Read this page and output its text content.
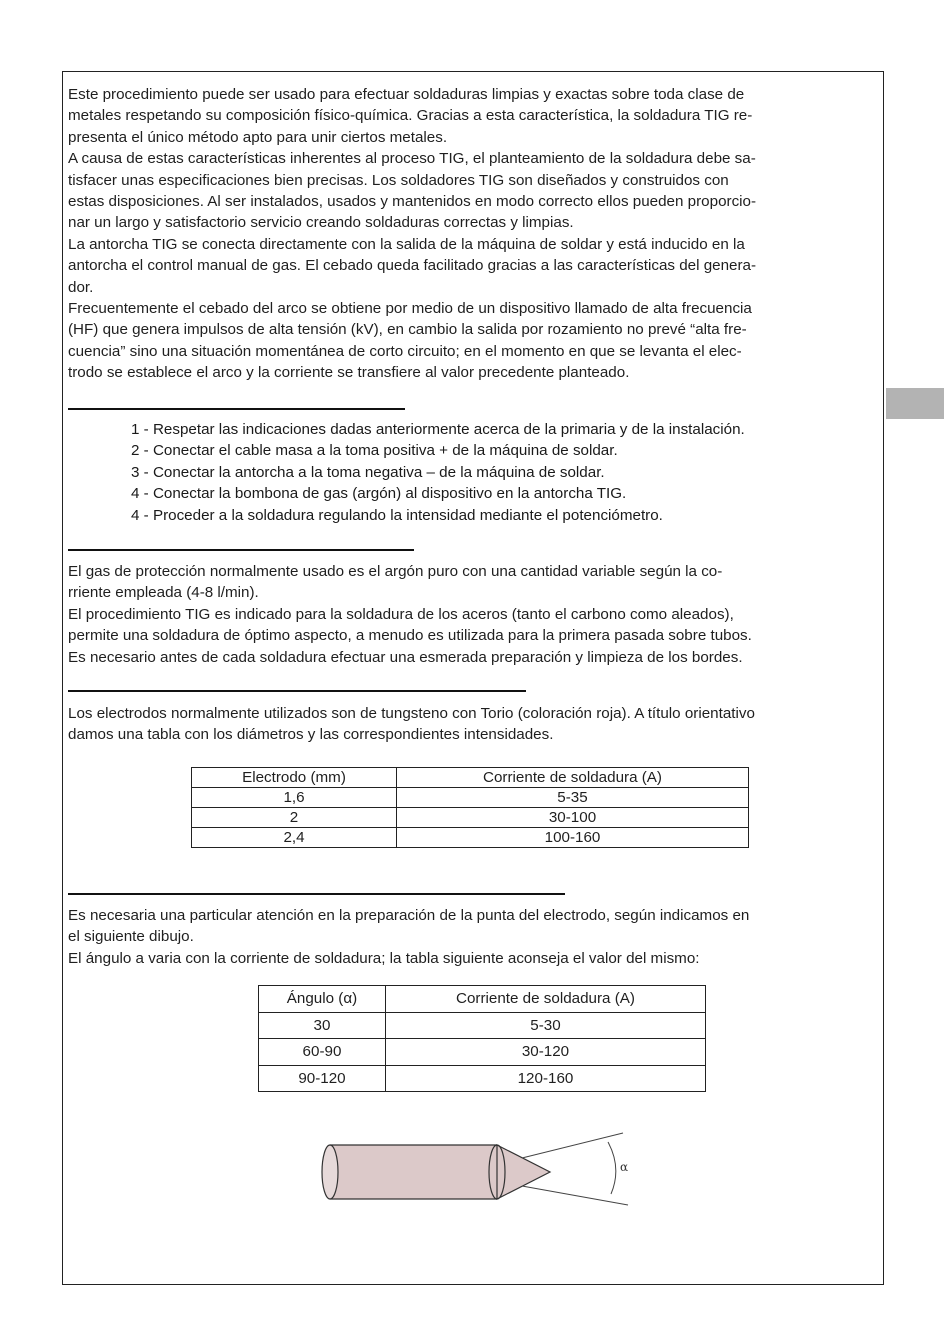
Este procedimiento puede ser usado para efectuar soldaduras limpias y exactas sobre toda clase de
metales respetando su composición físico-química. Gracias a esta característica, la soldadura TIG re-
presenta el único método apto para unir ciertos metales.
A causa de estas características inherentes al proceso TIG, el planteamiento de la soldadura debe sa-
tisfacer unas especificaciones bien precisas. Los soldadores TIG son diseñados y construidos con
estas disposiciones. Al ser instalados, usados y mantenidos en modo correcto ellos pueden proporcio-
nar un largo y satisfactorio servicio creando soldaduras correctas y limpias.
La antorcha TIG se conecta directamente con la salida de la máquina de soldar y está inducido en la
antorcha el control manual de gas. El cebado queda facilitado gracias a las características del genera-
dor.
Frecuentemente el cebado del arco se obtiene por medio de un dispositivo llamado de alta frecuencia
(HF) que genera impulsos de alta tensión (kV), en cambio la salida por rozamiento no prevé “alta fre-
cuencia” sino una situación momentánea de corto circuito; en el momento en que se levanta el elec-
trodo se establece el arco y la corriente se transfiere al valor precedente planteado.

1 - Respetar las indicaciones dadas anteriormente acerca de la primaria y de la instalación.
2 - Conectar el cable masa a la toma positiva + de la máquina de soldar.
3 - Conectar la antorcha a la toma negativa – de la máquina de soldar.
4 - Conectar la bombona de gas (argón) al dispositivo en la antorcha TIG.
4 - Proceder a la soldadura regulando la intensidad mediante el potenciómetro.

El gas de protección normalmente usado es el argón puro con una cantidad variable según la co-
rriente empleada (4-8 l/min).
El procedimiento TIG es indicado para la soldadura de los aceros (tanto el carbono como aleados),
permite una soldadura de óptimo aspecto, a menudo es utilizada para la primera pasada sobre tubos.
Es necesario antes de cada soldadura efectuar una esmerada preparación y limpieza de los bordes.

Los electrodos normalmente utilizados son de tungsteno con Torio (coloración roja). A título orientativo
damos una tabla con los diámetros y las correspondientes intensidades.

Electrodo (mm)	Corriente de soldadura (A)
1,6	5-35
2	30-100
2,4	100-160

Es necesaria una particular atención en la preparación de la punta del electrodo, según indicamos en
el siguiente dibujo.
El ángulo a varia con la corriente de soldadura; la tabla siguiente aconseja el valor del mismo:

Ángulo (α)	Corriente de soldadura (A)
30	5-30
60-90	30-120
90-120	120-160
α
